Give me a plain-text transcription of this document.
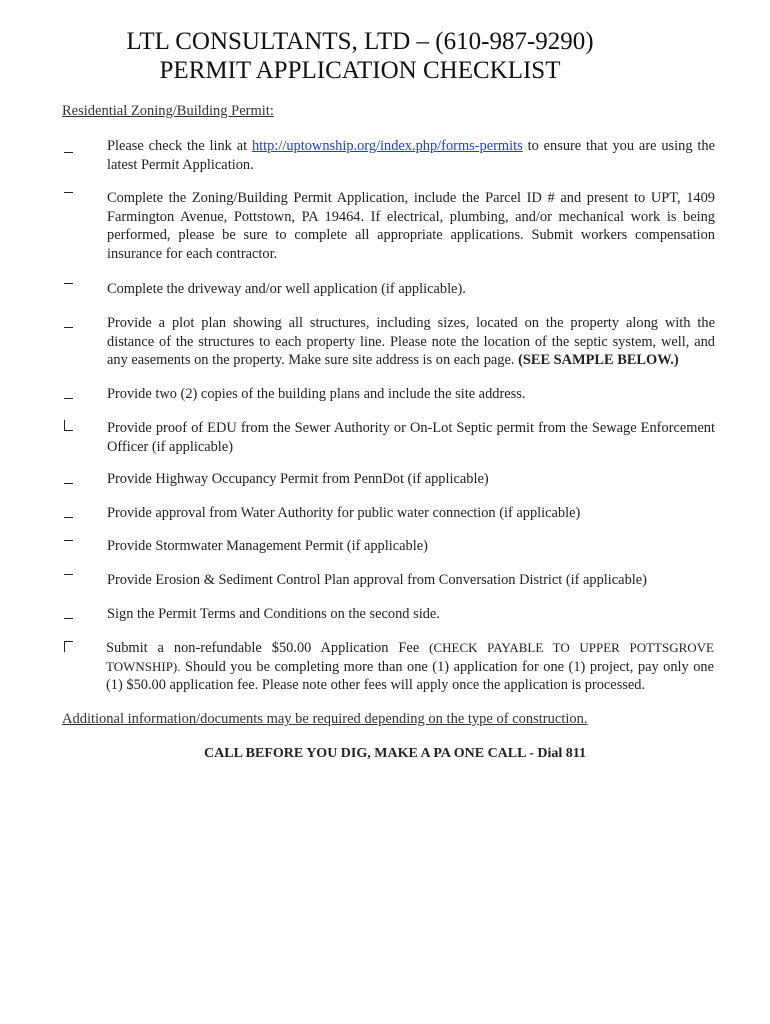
LTL CONSULTANTS, LTD – (610-987-9290)
PERMIT APPLICATION CHECKLIST
Residential Zoning/Building Permit:
Please check the link at http://uptownship.org/index.php/forms-permits to ensure that you are using the latest Permit Application.
Complete the Zoning/Building Permit Application, include the Parcel ID # and present to UPT, 1409 Farmington Avenue, Pottstown, PA 19464. If electrical, plumbing, and/or mechanical work is being performed, please be sure to complete all appropriate applications. Submit workers compensation insurance for each contractor.
Complete the driveway and/or well application (if applicable).
Provide a plot plan showing all structures, including sizes, located on the property along with the distance of the structures to each property line. Please note the location of the septic system, well, and any easements on the property. Make sure site address is on each page. (SEE SAMPLE BELOW.)
Provide two (2) copies of the building plans and include the site address.
Provide proof of EDU from the Sewer Authority or On-Lot Septic permit from the Sewage Enforcement Officer (if applicable)
Provide Highway Occupancy Permit from PennDot (if applicable)
Provide approval from Water Authority for public water connection (if applicable)
Provide Stormwater Management Permit (if applicable)
Provide Erosion & Sediment Control Plan approval from Conversation District (if applicable)
Sign the Permit Terms and Conditions on the second side.
Submit a non-refundable $50.00 Application Fee (CHECK PAYABLE TO UPPER POTTSGROVE TOWNSHIP). Should you be completing more than one (1) application for one (1) project, pay only one (1) $50.00 application fee. Please note other fees will apply once the application is processed.
Additional information/documents may be required depending on the type of construction.
CALL BEFORE YOU DIG, MAKE A PA ONE CALL - Dial 811
